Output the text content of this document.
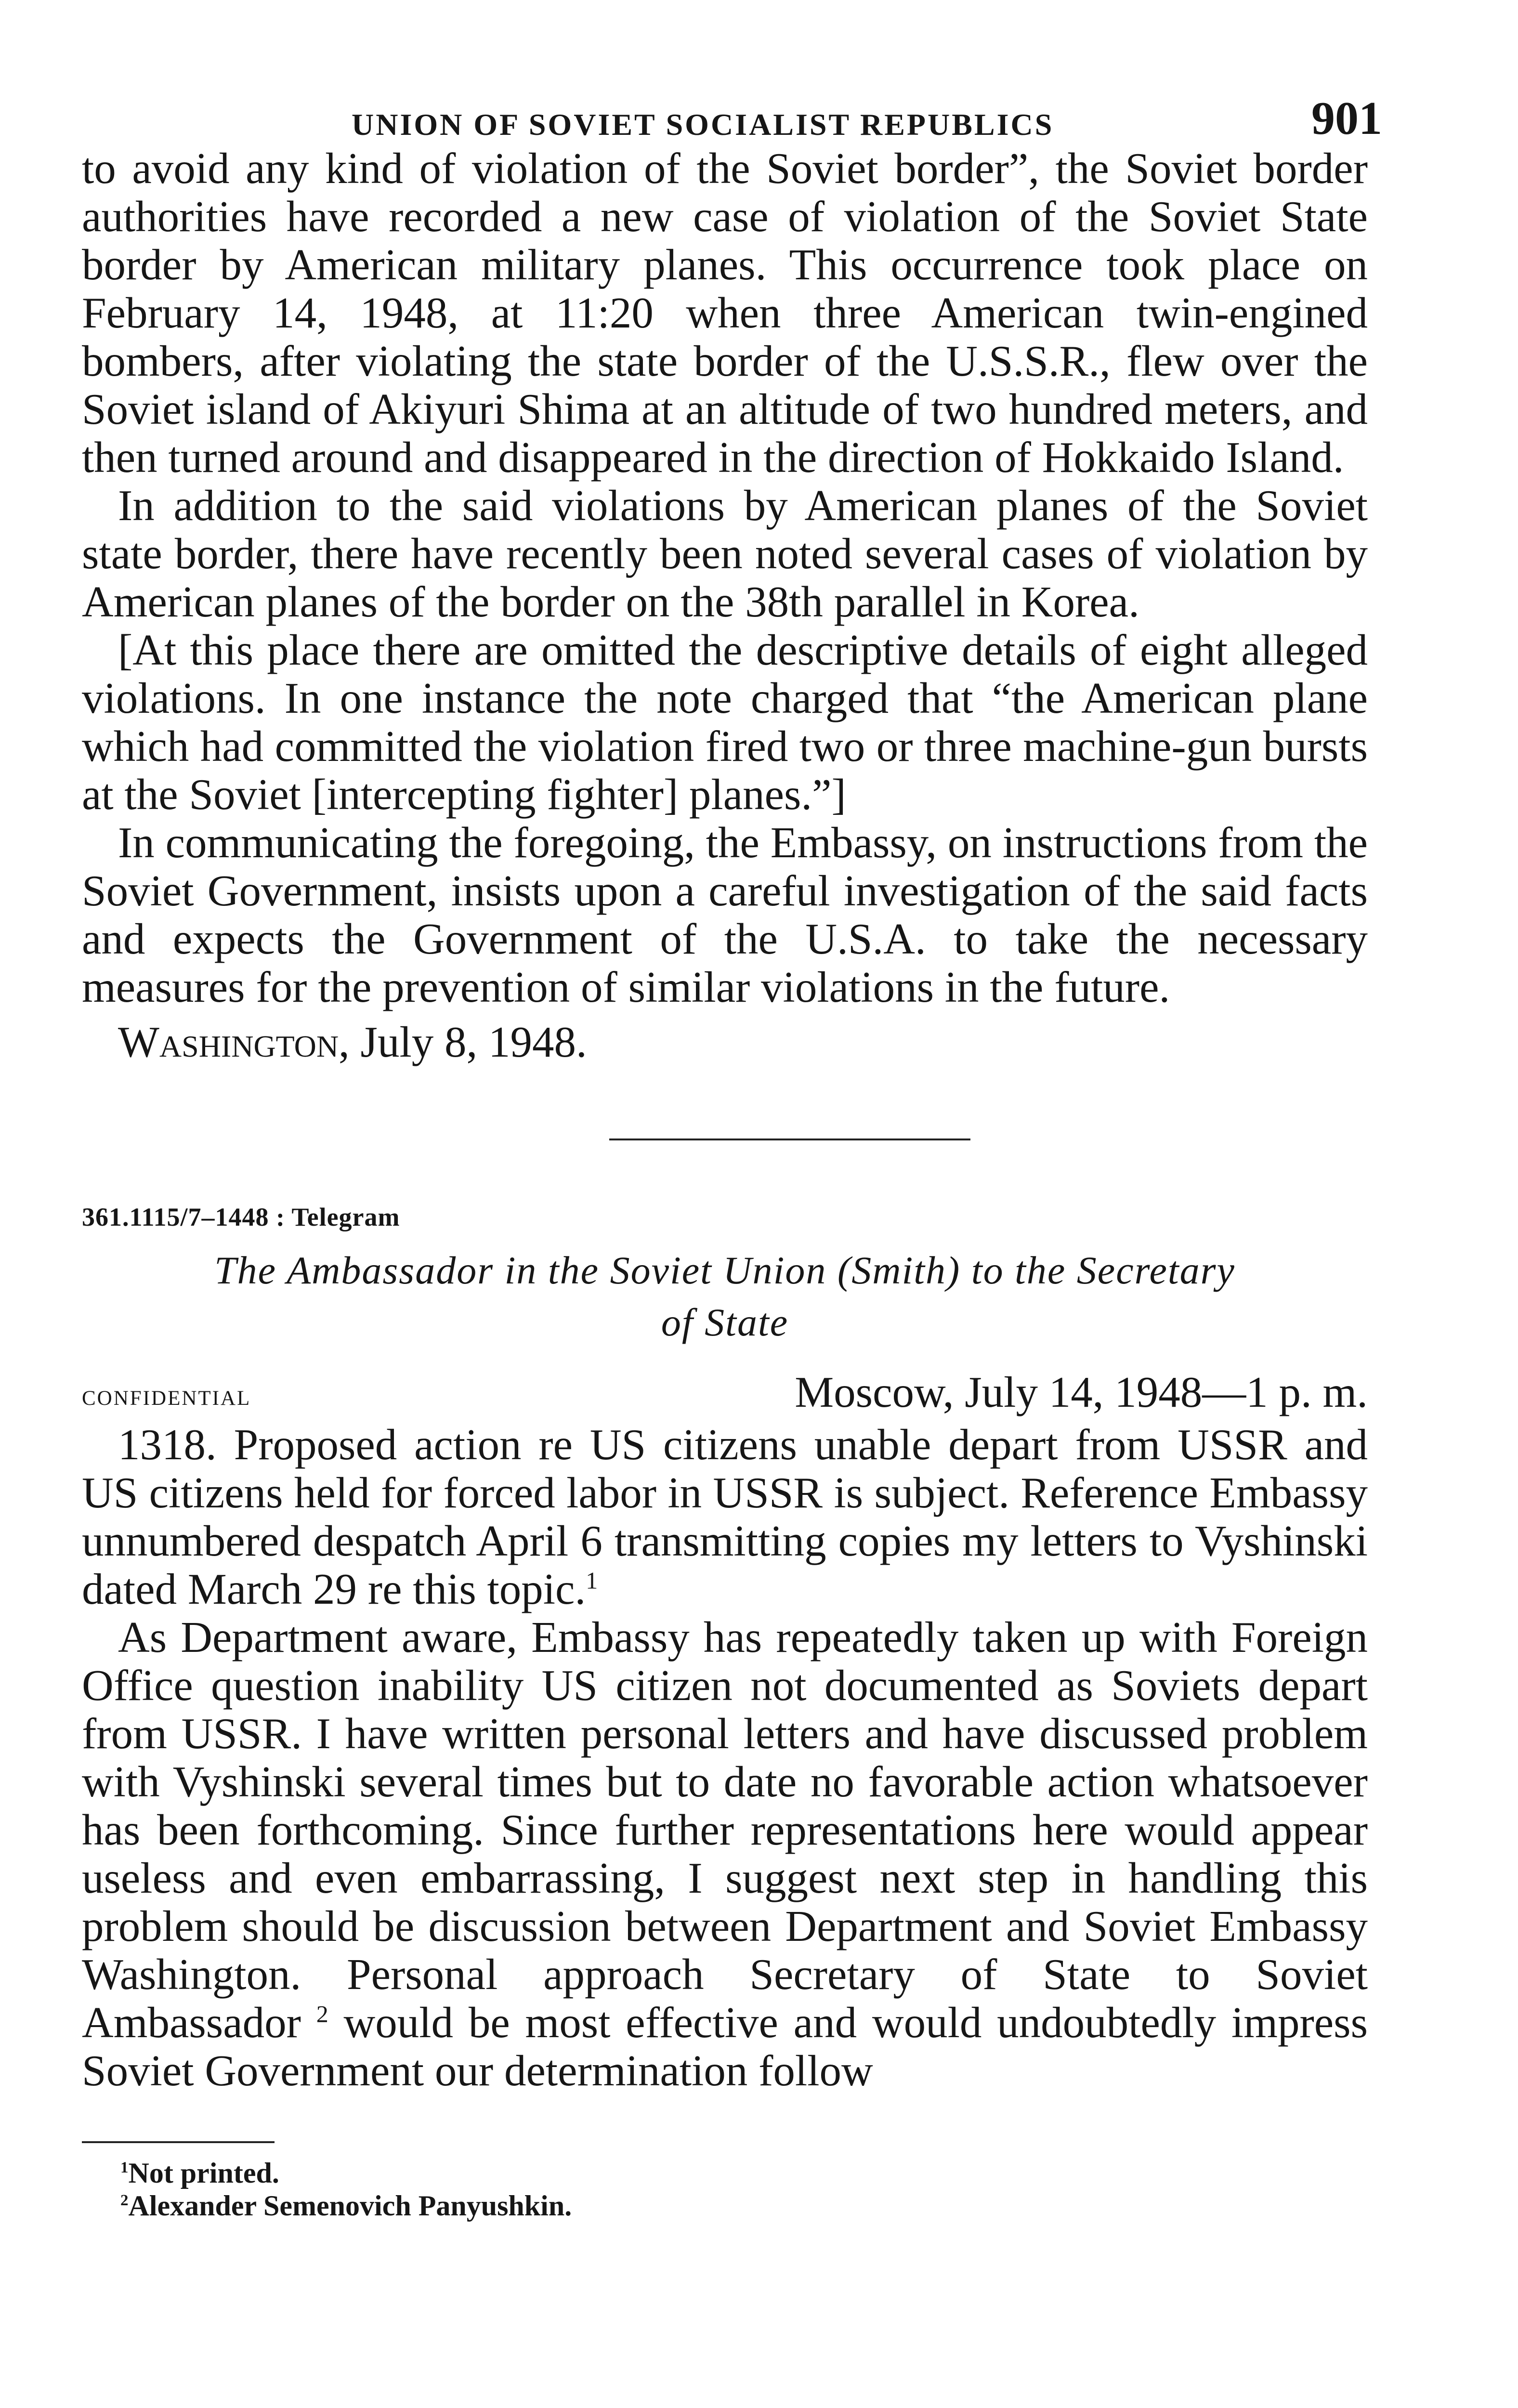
UNION OF SOVIET SOCIALIST REPUBLICS	901

to avoid any kind of violation of the Soviet border”, the Soviet border authorities have recorded a new case of violation of the Soviet State border by American military planes. This occurrence took place on February 14, 1948, at 11:20 when three American twin-engined bombers, after violating the state border of the U.S.S.R., flew over the Soviet island of Akiyuri Shima at an altitude of two hundred meters, and then turned around and disappeared in the direction of Hokkaido Island.

In addition to the said violations by American planes of the Soviet state border, there have recently been noted several cases of violation by American planes of the border on the 38th parallel in Korea.

[At this place there are omitted the descriptive details of eight alleged violations. In one instance the note charged that “the American plane which had committed the violation fired two or three machine-gun bursts at the Soviet [intercepting fighter] planes.”]

In communicating the foregoing, the Embassy, on instructions from the Soviet Government, insists upon a careful investigation of the said facts and expects the Government of the U.S.A. to take the necessary measures for the prevention of similar violations in the future.

Washington, July 8, 1948.
361.1115/7–1448 : Telegram
The Ambassador in the Soviet Union (Smith) to the Secretary
of State
confidential	Moscow, July 14, 1948—1 p. m.

1318. Proposed action re US citizens unable depart from USSR and US citizens held for forced labor in USSR is subject. Reference Embassy unnumbered despatch April 6 transmitting copies my letters to Vyshinski dated March 29 re this topic.$^1$

As Department aware, Embassy has repeatedly taken up with Foreign Office question inability US citizen not documented as Soviets depart from USSR. I have written personal letters and have discussed problem with Vyshinski several times but to date no favorable action whatsoever has been forthcoming. Since further representations here would appear useless and even embarrassing, I suggest next step in handling this problem should be discussion between Department and Soviet Embassy Washington. Personal approach Secretary of State to Soviet Ambassador $^2$ would be most effective and would undoubtedly impress Soviet Government our determination follow

$^1$Not printed.
$^2$Alexander Semenovich Panyushkin.
